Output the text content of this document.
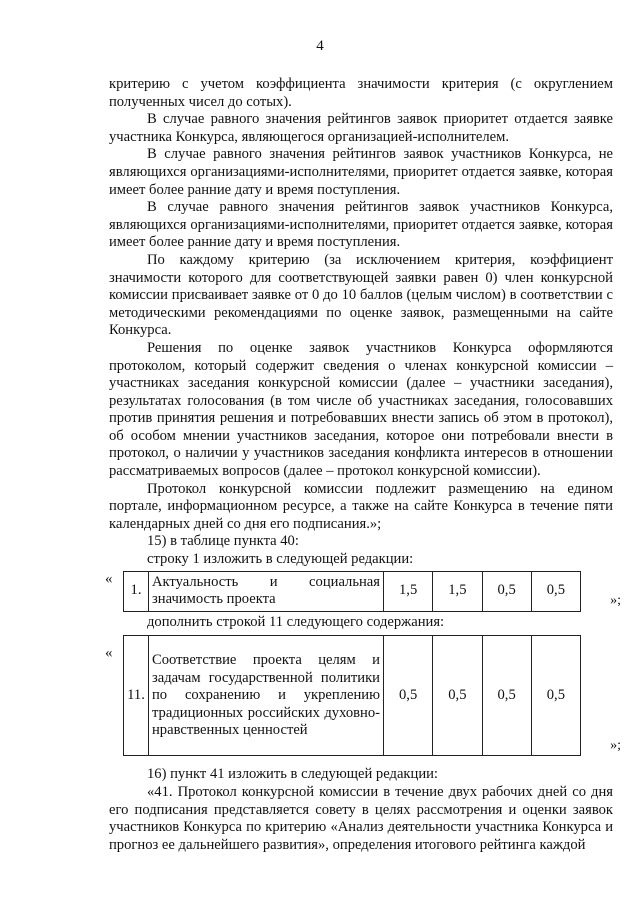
4

критерию с учетом коэффициента значимости критерия (с округлением полученных чисел до сотых).

В случае равного значения рейтингов заявок приоритет отдается заявке участника Конкурса, являющегося организацией-исполнителем.

В случае равного значения рейтингов заявок участников Конкурса, не являющихся организациями-исполнителями, приоритет отдается заявке, которая имеет более ранние дату и время поступления.

В случае равного значения рейтингов заявок участников Конкурса, являющихся организациями-исполнителями, приоритет отдается заявке, которая имеет более ранние дату и время поступления.

По каждому критерию (за исключением критерия, коэффициент значимости которого для соответствующей заявки равен 0) член конкурсной комиссии присваивает заявке от 0 до 10 баллов (целым числом) в соответствии с методическими рекомендациями по оценке заявок, размещенными на сайте Конкурса.

Решения по оценке заявок участников Конкурса оформляются протоколом, который содержит сведения о членах конкурсной комиссии – участниках заседания конкурсной комиссии (далее – участники заседания), результатах голосования (в том числе об участниках заседания, голосовавших против принятия решения и потребовавших внести запись об этом в протокол), об особом мнении участников заседания, которое они потребовали внести в протокол, о наличии у участников заседания конфликта интересов в отношении рассматриваемых вопросов (далее – протокол конкурсной комиссии).

Протокол конкурсной комиссии подлежит размещению на едином портале, информационном ресурсе, а также на сайте Конкурса в течение пяти календарных дней со дня его подписания.»;

15) в таблице пункта 40:

строку 1 изложить в следующей редакции:

«
1.	Актуальность и социальная значимость проекта	1,5	1,5	0,5	0,5
»;

дополнить строкой 11 следующего содержания:

«
11.	Соответствие проекта целям и задачам государственной политики по сохранению и укреплению традиционных российских духовно-нравственных ценностей	0,5	0,5	0,5	0,5
»;

16) пункт 41 изложить в следующей редакции:

«41. Протокол конкурсной комиссии в течение двух рабочих дней со дня его подписания представляется совету в целях рассмотрения и оценки заявок участников Конкурса по критерию «Анализ деятельности участника Конкурса и прогноз ее дальнейшего развития», определения итогового рейтинга каждой
